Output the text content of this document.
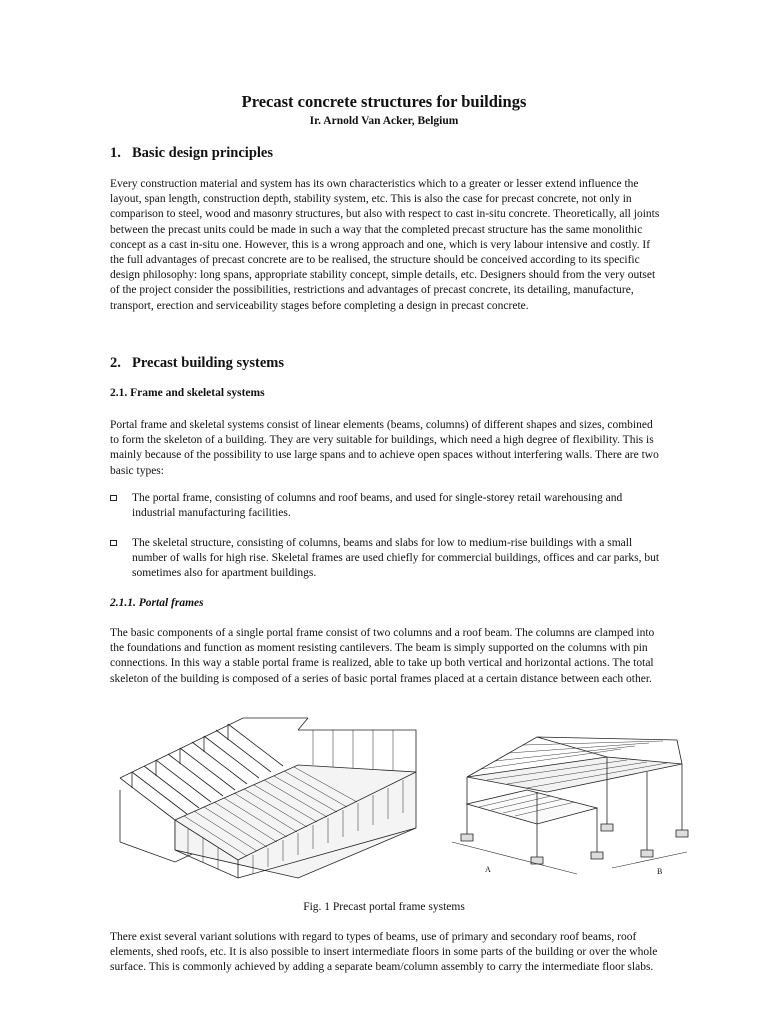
Precast concrete structures for buildings
Ir. Arnold Van Acker, Belgium
1. Basic design principles

Every construction material and system has its own characteristics which to a greater or lesser extend influence the layout, span length, construction depth, stability system, etc. This is also the case for precast concrete, not only in comparison to steel, wood and masonry structures, but also with respect to cast in-situ concrete. Theoretically, all joints between the precast units could be made in such a way that the completed precast structure has the same monolithic concept as a cast in-situ one. However, this is a wrong approach and one, which is very labour intensive and costly. If the full advantages of precast concrete are to be realised, the structure should be conceived according to its specific design philosophy: long spans, appropriate stability concept, simple details, etc. Designers should from the very outset of the project consider the possibilities, restrictions and advantages of precast concrete, its detailing, manufacture, transport, erection and serviceability stages before completing a design in precast concrete.

2. Precast building systems
2.1. Frame and skeletal systems

Portal frame and skeletal systems consist of linear elements (beams, columns) of different shapes and sizes, combined to form the skeleton of a building. They are very suitable for buildings, which need a high degree of flexibility. This is mainly because of the possibility to use large spans and to achieve open spaces without interfering walls. There are two basic types:

The portal frame, consisting of columns and roof beams, and used for single-storey retail warehousing and industrial manufacturing facilities.
The skeletal structure, consisting of columns, beams and slabs for low to medium-rise buildings with a small number of walls for high rise. Skeletal frames are used chiefly for commercial buildings, offices and car parks, but sometimes also for apartment buildings.
2.1.1. Portal frames

The basic components of a single portal frame consist of two columns and a roof beam. The columns are clamped into the foundations and function as moment resisting cantilevers. The beam is simply supported on the columns with pin connections. In this way a stable portal frame is realized, able to take up both vertical and horizontal actions. The total skeleton of the building is composed of a series of basic portal frames placed at a certain distance between each other.

A	B
Fig. 1 Precast portal frame systems

There exist several variant solutions with regard to types of beams, use of primary and secondary roof beams, roof elements, shed roofs, etc. It is also possible to insert intermediate floors in some parts of the building or over the whole surface. This is commonly achieved by adding a separate beam/column assembly to carry the intermediate floor slabs.
